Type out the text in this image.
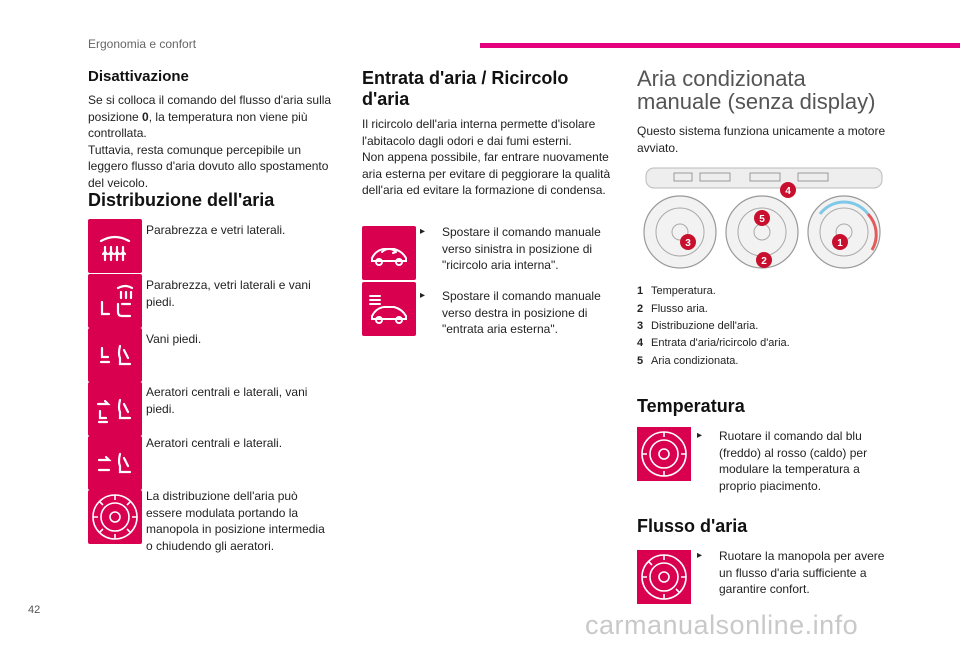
Ergonomia e confort
Disattivazione
Se si colloca il comando del flusso d'aria sulla
posizione 0, la temperatura non viene più
controllata.
Tuttavia, resta comunque percepibile un
leggero flusso d'aria dovuto allo spostamento
del veicolo.
Distribuzione dell'aria
Parabrezza e vetri laterali.
Parabrezza, vetri laterali e vani
piedi.
Vani piedi.
Aeratori centrali e laterali, vani
piedi.
Aeratori centrali e laterali.
La distribuzione dell'aria può
essere modulata portando la
manopola in posizione intermedia
o chiudendo gli aeratori.
Entrata d'aria / Ricircolo
d'aria
Il ricircolo dell'aria interna permette d'isolare
l'abitacolo dagli odori e dai fumi esterni.
Non appena possibile, far entrare nuovamente
aria esterna per evitare di peggiorare la qualità
dell'aria ed evitare la formazione di condensa.
▸ Spostare il comando manuale
verso sinistra in posizione di
"ricircolo aria interna".
▸ Spostare il comando manuale
verso destra in posizione di
"entrata aria esterna".
Aria condizionata
manuale (senza display)
Questo sistema funziona unicamente a motore
avviato.
1
2
3
4
5
1 Temperatura.
2 Flusso aria.
3 Distribuzione dell'aria.
4 Entrata d'aria/ricircolo d'aria.
5 Aria condizionata.
Temperatura
▸ Ruotare il comando dal blu
(freddo) al rosso (caldo) per
modulare la temperatura a
proprio piacimento.
Flusso d'aria
▸ Ruotare la manopola per avere
un flusso d'aria sufficiente a
garantire confort.
42	carmanualsonline.info
